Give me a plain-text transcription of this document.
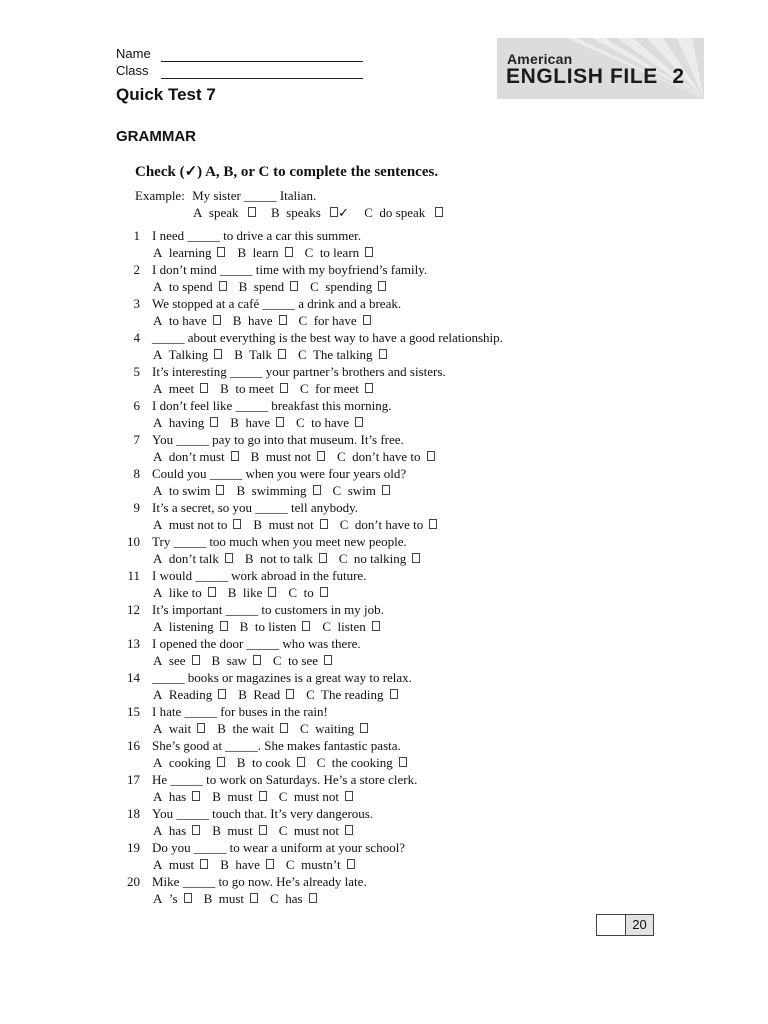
Name
Class
Quick Test 7
GRAMMAR
American
ENGLISH FILE 2
Check (✓) A, B, or C to complete the sentences.
Example: My sister _____ Italian.
A speak	B speaks ✓ C do speak
1 I need _____ to drive a car this summer.
A learning B learn C to learn
2 I don’t mind _____ time with my boyfriend’s family.
A to spend B spend C spending
3 We stopped at a café _____ a drink and a break.
A to have B have C for have
4 _____ about everything is the best way to have a good relationship.
A Talking B Talk C The talking
5 It’s interesting _____ your partner’s brothers and sisters.
A meet B to meet C for meet
6 I don’t feel like _____ breakfast this morning.
A having B have C to have
7 You _____ pay to go into that museum. It’s free.
A don’t must B must not C don’t have to
8 Could you _____ when you were four years old?
A to swim B swimming C swim
9 It’s a secret, so you _____ tell anybody.
A must not to B must not C don’t have to
10 Try _____ too much when you meet new people.
A don’t talk B not to talk C no talking
11 I would _____ work abroad in the future.
A like to B like C to
12 It’s important _____ to customers in my job.
A listening B to listen C listen
13 I opened the door _____ who was there.
A see B saw C to see
14 _____ books or magazines is a great way to relax.
A Reading B Read C The reading
15 I hate _____ for buses in the rain!
A wait B the wait C waiting
16 She’s good at _____. She makes fantastic pasta.
A cooking B to cook C the cooking
17 He _____ to work on Saturdays. He’s a store clerk.
A has B must C must not
18 You _____ touch that. It’s very dangerous.
A has B must C must not
19 Do you _____ to wear a uniform at your school?
A must B have C mustn’t
20 Mike _____ to go now. He’s already late.
A ’s B must C has
20
